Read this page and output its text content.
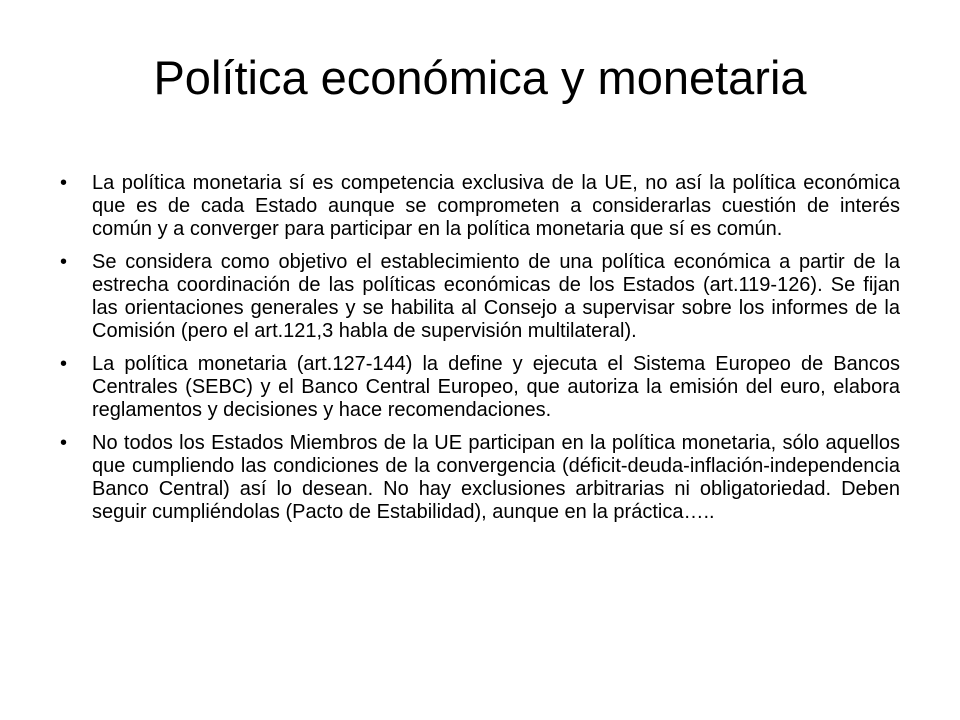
Política económica y monetaria
•	La política monetaria sí es competencia exclusiva de la UE, no así la política económica que es de cada Estado aunque se comprometen a considerarlas cuestión de interés común y a converger para participar en la política monetaria que sí es común.
•	Se considera como objetivo el establecimiento de una política económica a partir de la estrecha coordinación de las políticas económicas de los Estados (art.119-126). Se fijan las orientaciones generales y se habilita al Consejo a supervisar sobre los informes de la Comisión (pero el art.121,3 habla de supervisión multilateral).
•	La política monetaria (art.127-144) la define y ejecuta el Sistema Europeo de Bancos Centrales (SEBC) y el Banco Central Europeo, que autoriza la emisión del euro, elabora reglamentos y decisiones y hace recomendaciones.
•	No todos los Estados Miembros de la UE participan en la política monetaria, sólo aquellos que cumpliendo las condiciones de la convergencia (déficit-deuda-inflación-independencia Banco Central) así lo desean. No hay exclusiones arbitrarias ni obligatoriedad. Deben seguir cumpliéndolas (Pacto de Estabilidad), aunque en la práctica…..
